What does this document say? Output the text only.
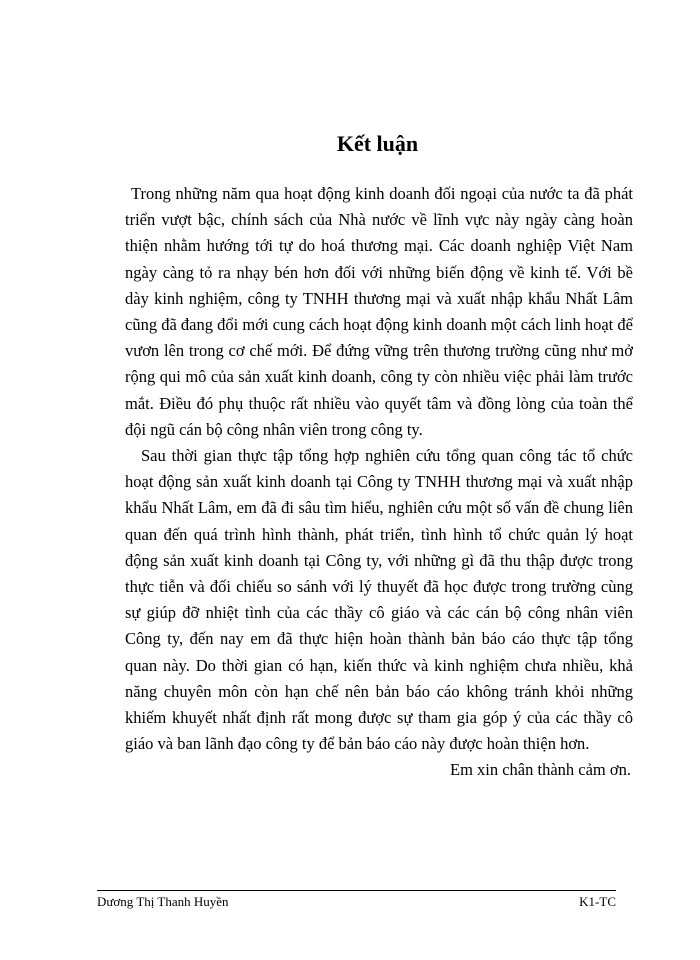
Kết luận

Trong những năm qua hoạt động kinh doanh đối ngoại của nước ta đã phát triển vượt bậc, chính sách của Nhà nước về lĩnh vực này ngày càng hoàn thiện nhằm hướng tới tự do hoá thương mại. Các doanh nghiệp Việt Nam ngày càng tỏ ra nhạy bén hơn đối với những biến động về kinh tế. Với bề dày kinh nghiệm, công ty TNHH thương mại và xuất nhập khẩu Nhất Lâm cũng đã đang đổi mới cung cách hoạt động kinh doanh một cách linh hoạt để vươn lên trong cơ chế mới. Để đứng vững trên thương trường cũng như mở rộng qui mô của sản xuất kinh doanh, công ty còn nhiều việc phải làm trước mắt. Điều đó phụ thuộc rất nhiều vào quyết tâm và đồng lòng của toàn thể đội ngũ cán bộ công nhân viên trong công ty.

Sau thời gian thực tập tổng hợp nghiên cứu tổng quan công tác tổ chức hoạt động sản xuất kinh doanh tại Công ty TNHH thương mại và xuất nhập khẩu Nhất Lâm, em đã đi sâu tìm hiểu, nghiên cứu một số vấn đề chung liên quan đến quá trình hình thành, phát triển, tình hình tổ chức quản lý hoạt động sản xuất kinh doanh tại Công ty, với những gì đã thu thập được trong thực tiễn và đối chiếu so sánh với lý thuyết đã học được trong trường cùng sự giúp đỡ nhiệt tình của các thầy cô giáo và các cán bộ công nhân viên Công ty, đến nay em đã thực hiện hoàn thành bản báo cáo thực tập tổng quan này. Do thời gian có hạn, kiến thức và kinh nghiệm chưa nhiều, khả năng chuyên môn còn hạn chế nên bản báo cáo không tránh khỏi những khiếm khuyết nhất định rất mong được sự tham gia góp ý của các thầy cô giáo và ban lãnh đạo công ty để bản báo cáo này được hoàn thiện hơn.

Em xin chân thành cảm ơn.

Dương Thị Thanh Huyền	K1-TC
